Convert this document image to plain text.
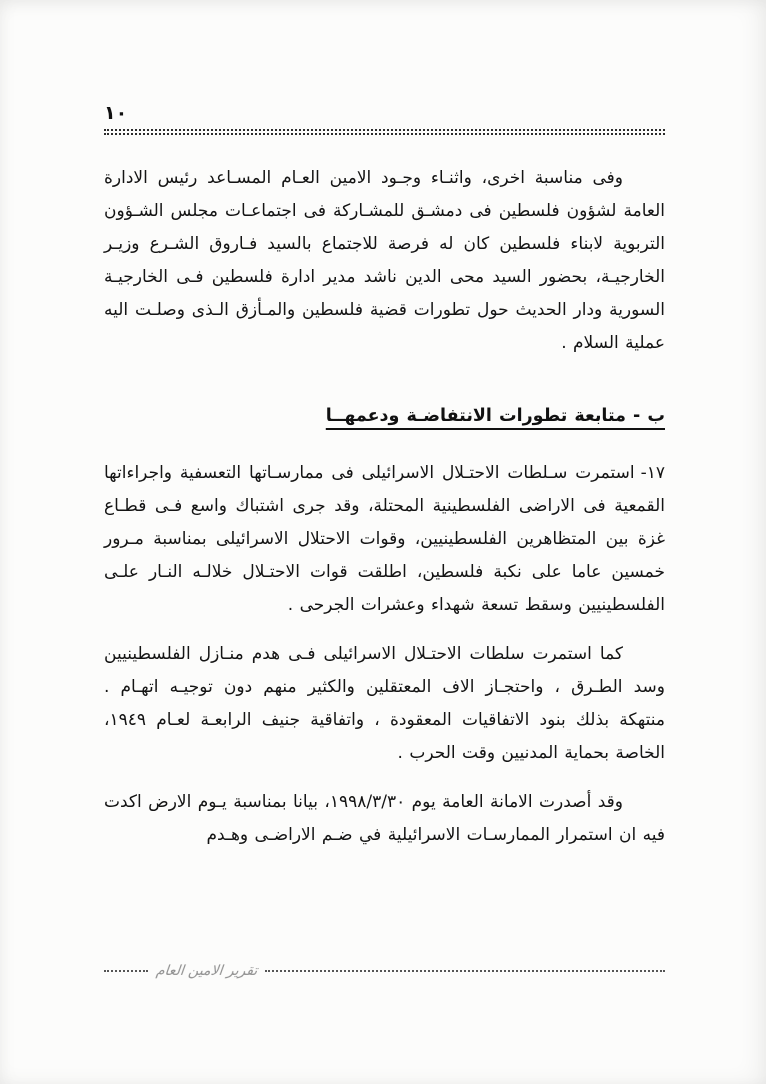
١٠

وفى مناسبة اخرى، واثنـاء وجـود الامين العـام المسـاعد رئيس الادارة العامة لشؤون فلسطين فى دمشـق للمشـاركة فى اجتماعـات مجلس الشـؤون التربوية لابناء فلسطين كان له فرصة للاجتماع بالسيد فـاروق الشـرع وزيـر الخارجيـة، بحضور السيد محى الدين ناشد مدير ادارة فلسطين فـى الخارجيـة السورية ودار الحديث حول تطورات قضية فلسطين والمـأزق الـذى وصلـت اليه عملية السلام .

ب - متابعة تطورات الانتفاضـة ودعمهــا

١٧-استمرت سـلطات الاحتـلال الاسرائيلى فى ممارسـاتها التعسفية واجراءاتها القمعية فى الاراضى الفلسطينية المحتلة، وقد جرى اشتباك واسع فـى قطـاع غزة بين المتظاهرين الفلسطينيين، وقوات الاحتلال الاسرائيلى بمناسبة مـرور خمسين عاما على نكبة فلسطين، اطلقت قوات الاحتـلال خلالـه النـار علـى الفلسطينيين وسقط تسعة شهداء وعشرات الجرحى .

كما استمرت سلطات الاحتـلال الاسرائيلى فـى هدم منـازل الفلسطينيين وسد الطـرق ، واحتجـاز الاف المعتقلين والكثير منهم دون توجيـه اتهـام . منتهكة بذلك بنود الاتفاقيات المعقودة ، واتفاقية جنيف الرابعـة لعـام ١٩٤٩، الخاصة بحماية المدنيين وقت الحرب .

وقد أصدرت الامانة العامة يوم ١٩٩٨/٣/٣٠، بيانا بمناسبة يـوم الارض اكدت فيه ان استمرار الممارسـات الاسرائيلية في ضـم الاراضـى وهـدم

تقرير الامين العام
